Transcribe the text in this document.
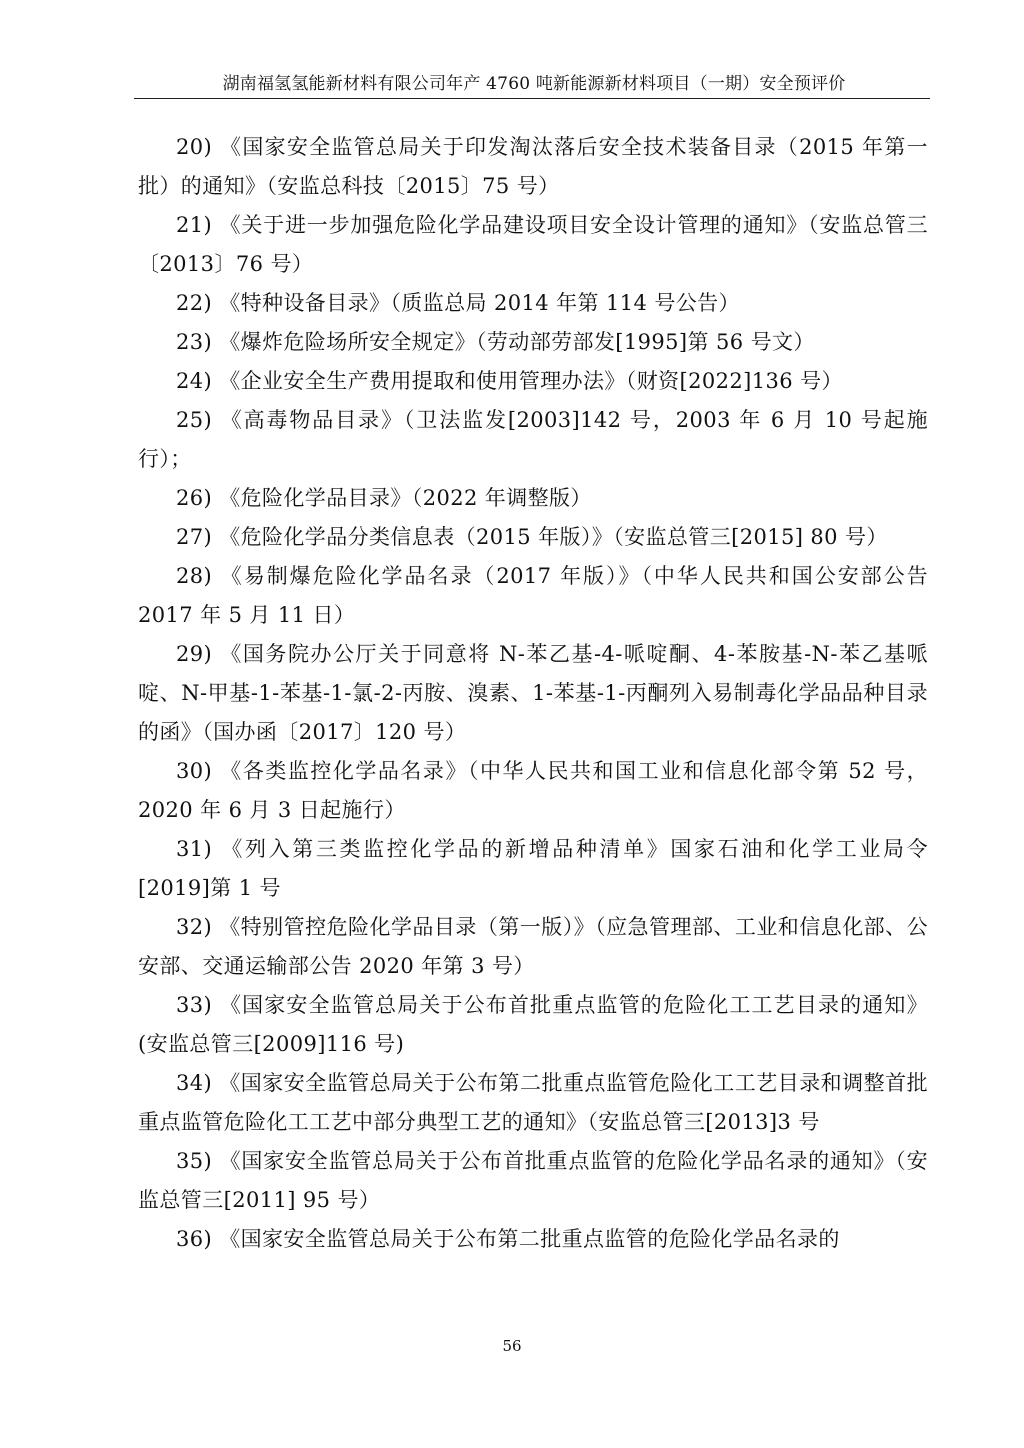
湖南福氢氢能新材料有限公司年产 4760 吨新能源新材料项目（一期）安全预评价

20) 《国家安全监管总局关于印发淘汰落后安全技术装备目录（2015 年第一批）的通知》（安监总科技〔2015〕75 号）

21) 《关于进一步加强危险化学品建设项目安全设计管理的通知》（安监总管三〔2013〕76 号）

22) 《特种设备目录》（质监总局 2014 年第 114 号公告）

23) 《爆炸危险场所安全规定》（劳动部劳部发[1995]第 56 号文）

24) 《企业安全生产费用提取和使用管理办法》（财资[2022]136 号）

25) 《高毒物品目录》（卫法监发[2003]142 号，2003 年 6 月 10 号起施行）；

26) 《危险化学品目录》（2022 年调整版）

27) 《危险化学品分类信息表（2015 年版）》（安监总管三[2015] 80 号）

28) 《易制爆危险化学品名录（2017 年版）》（中华人民共和国公安部公告 2017 年 5 月 11 日）

29) 《国务院办公厅关于同意将 N-苯乙基-4-哌啶酮、4-苯胺基-N-苯乙基哌啶、N-甲基-1-苯基-1-氯-2-丙胺、溴素、1-苯基-1-丙酮列入易制毒化学品品种目录的函》（国办函〔2017〕120 号）

30) 《各类监控化学品名录》（中华人民共和国工业和信息化部令第 52 号，2020 年 6 月 3 日起施行）

31) 《列入第三类监控化学品的新增品种清单》国家石油和化学工业局令[2019]第 1 号

32) 《特别管控危险化学品目录（第一版）》（应急管理部、工业和信息化部、公安部、交通运输部公告 2020 年第 3 号）

33) 《国家安全监管总局关于公布首批重点监管的危险化工工艺目录的通知》(安监总管三[2009]116 号)

34) 《国家安全监管总局关于公布第二批重点监管危险化工工艺目录和调整首批重点监管危险化工工艺中部分典型工艺的通知》（安监总管三[2013]3 号

35) 《国家安全监管总局关于公布首批重点监管的危险化学品名录的通知》（安监总管三[2011] 95 号）

36) 《国家安全监管总局关于公布第二批重点监管的危险化学品名录的

56
